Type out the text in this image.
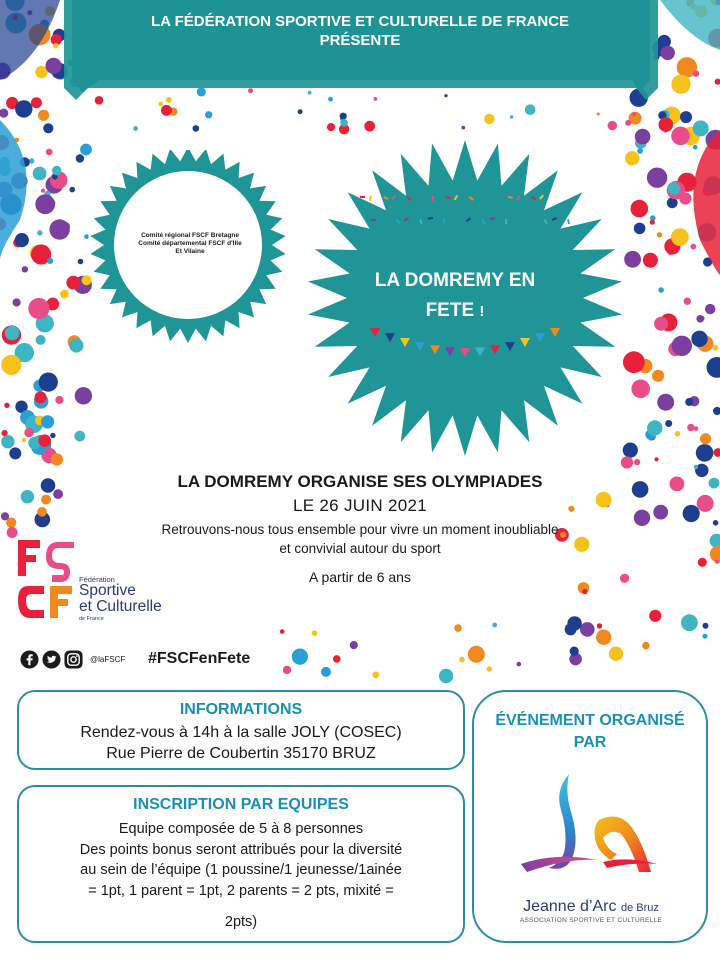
LA FÉDÉRATION SPORTIVE ET CULTURELLE DE FRANCE
PRÉSENTE
Comité régional FSCF Bretagne
Comité départemental FSCF d'Ille
Et Vilaine
LA DOMREMY EN
FETE !
LA DOMREMY ORGANISE SES OLYMPIADES
LE 26 JUIN 2021
Retrouvons-nous tous ensemble pour vivre un moment inoubliable
et convivial autour du sport
A partir de 6 ans
Fédération
Sportive
et Culturelle
de France
@laFSCF #FSCFenFete
INFORMATIONS
Rendez-vous à 14h à la salle JOLY (COSEC)
Rue Pierre de Coubertin 35170 BRUZ
INSCRIPTION PAR EQUIPES
Equipe composée de 5 à 8 personnes
Des points bonus seront attribués pour la diversité
au sein de l’équipe (1 poussine/1 jeunesse/1ainée
= 1pt, 1 parent = 1pt, 2 parents = 2 pts, mixité =
2pts)
ÉVÉNEMENT ORGANISÉ
PAR
Jeanne d’Arc de Bruz
ASSOCIATION SPORTIVE ET CULTURELLE
